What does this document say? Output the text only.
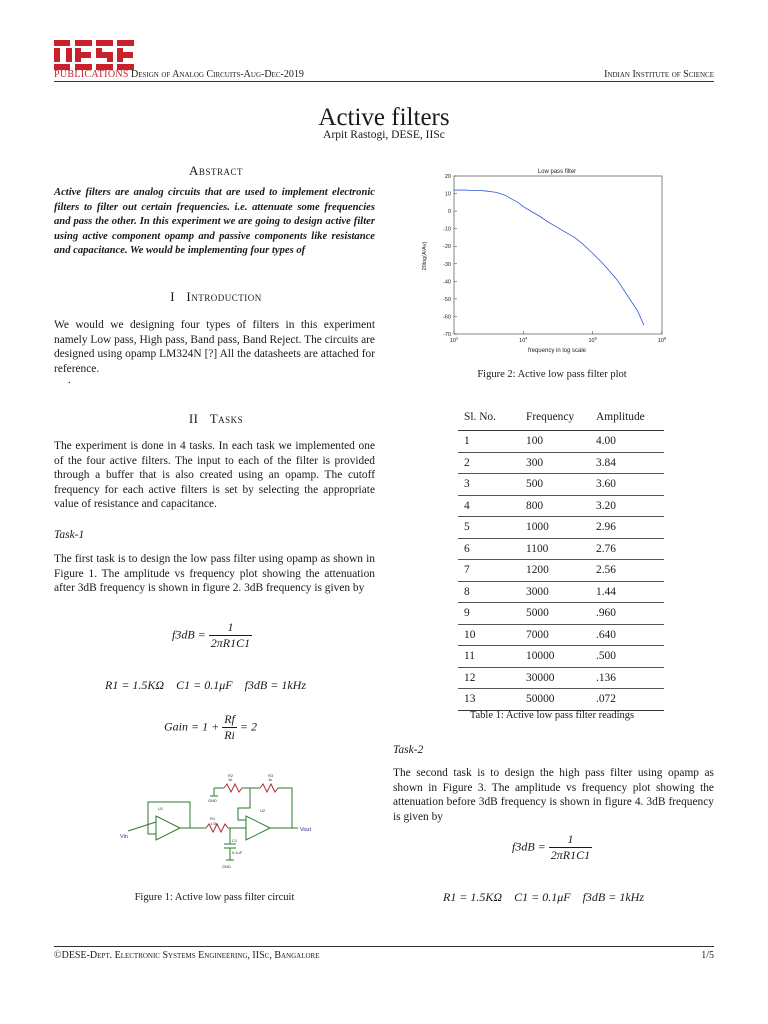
PUBLICATIONS Design of Analog Circuits-Aug-Dec-2019	Indian Institute of Science
Active filters
Arpit Rastogi, DESE, IISc
Abstract
Active filters are analog circuits that are used to implement electronic filters to filter out certain frequencies. i.e. attenuate some frequencies and pass the other. In this experiment we are going to design active filter using active component opamp and passive components like resistance and capacitance. We would be implementing four types of
I Introduction
We would we designing four types of filters in this experiment namely Low pass, High pass, Band pass, Band Reject. The circuits are designed using opamp LM324N [?] All the datasheets are attached for reference.
.
II Tasks
The experiment is done in 4 tasks. In each task we implemented one of the four active filters. The input to each of the filter is provided through a buffer that is also created using an opamp. The cutoff frequency for each active filters is set by selecting the appropriate value of resistance and capacitance.
Task-1
The first task is to design the low pass filter using opamp as shown in Figure 1. The amplitude vs frequency plot showing the attenuation after 3dB frequency is shown in figure 2. 3dB frequency is given by
$f3dB = \frac{1}{2\pi R1C1}$
R1 = 1.5KΩ    C1 = 0.1μF    f3dB = 1kHz
Gain = $1 + \frac{Rf}{Ri} = 2$
Vin
Vout
GND
GND
R1
1.5k
C1
0.1uF
U1	U2
R2
1k
R3
1k
Figure 1: Active low pass filter circuit
20
10
0
-10
-20
-30
-40
-50
-60
-70
$10^2$	$10^4$	$10^6$	$10^8$
Low pass filter
frequency in log scale
20log(A/Av)
Figure 2: Active low pass filter plot
Sl. No.	Frequency	Amplitude
1	100	4.00
2	300	3.84
3	500	3.60
4	800	3.20
5	1000	2.96
6	1100	2.76
7	1200	2.56
8	3000	1.44
9	5000	.960
10	7000	.640
11	10000	.500
12	30000	.136
13	50000	.072
Table 1: Active low pass filter readings
Task-2
The second task is to design the high pass filter using opamp as shown in Figure 3. The amplitude vs frequency plot showing the attenuation before 3dB frequency is shown in figure 4. 3dB frequency is given by
$f3dB = \frac{1}{2\pi R1C1}$
R1 = 1.5KΩ    C1 = 0.1μF    f3dB = 1kHz
©DESE-Dept. Electronic Systems Engineering, IISc, Bangalore	1/5
